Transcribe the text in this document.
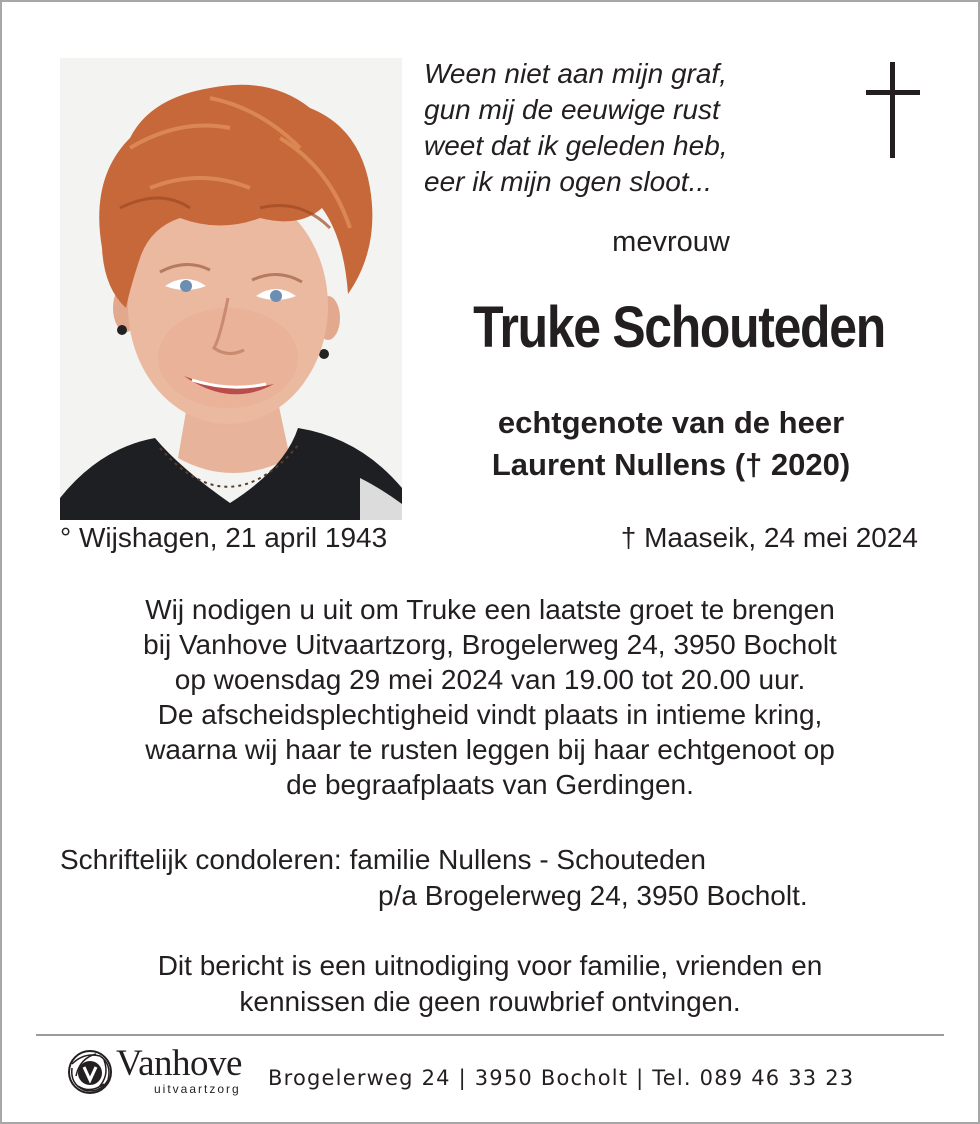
Ween niet aan mijn graf,
gun mij de eeuwige rust
weet dat ik geleden heb,
eer ik mijn ogen sloot...
mevrouw
Truke Schouteden
echtgenote van de heer
Laurent Nullens († 2020)
° Wijshagen, 21 april 1943	† Maaseik, 24 mei 2024
Wij nodigen u uit om Truke een laatste groet te brengen
bij Vanhove Uitvaartzorg, Brogelerweg 24, 3950 Bocholt
op woensdag 29 mei 2024 van 19.00 tot 20.00 uur.
De afscheidsplechtigheid vindt plaats in intieme kring,
waarna wij haar te rusten leggen bij haar echtgenoot op
de begraafplaats van Gerdingen.
Schriftelijk condoleren: familie Nullens - Schouteden
p/a Brogelerweg 24, 3950 Bocholt.
Dit bericht is een uitnodiging voor familie, vrienden en
kennissen die geen rouwbrief ontvingen.
Vanhove
uitvaartzorg Brogelerweg 24 | 3950 Bocholt | Tel. 089 46 33 23
